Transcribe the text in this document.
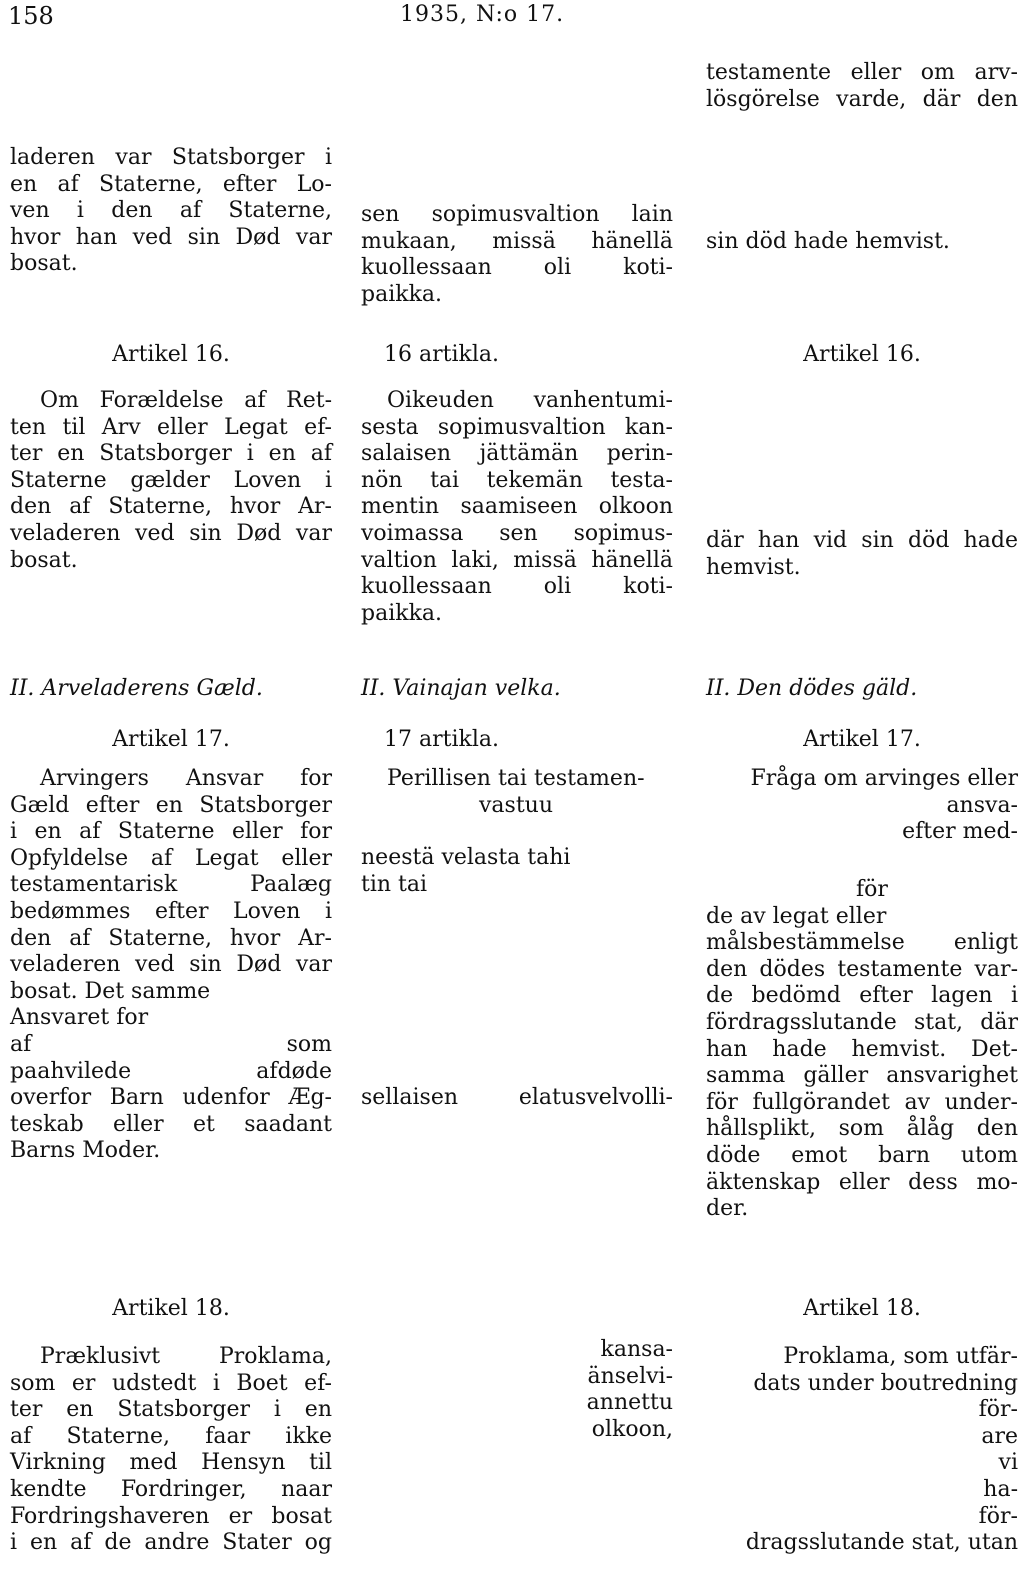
158	1935, N:o 17.
laderen var Statsborger i
en af Staterne, efter Lo-
ven i den af Staterne,
hvor han ved sin Død var
bosat.
Artikel 16.
Om Forældelse af Ret-
ten til Arv eller Legat ef-
ter en Statsborger i en af
Staterne gælder Loven i
den af Staterne, hvor Ar-
veladeren ved sin Død var
bosat.
II. Arveladerens Gæld.
Artikel 17.
Arvingers Ansvar for
Gæld efter en Statsborger
i en af Staterne eller for
Opfyldelse af Legat eller
testamentarisk Paalæg
bedømmes efter Loven i
den af Staterne, hvor Ar-
veladeren ved sin Død var
bosat. Det samme
Ansvaret for
af som
paahvilede afdøde
overfor Barn udenfor Æg-
teskab eller et saadant
Barns Moder.
Artikel 18.
Præklusivt Proklama,
som er udstedt i Boet ef-
ter en Statsborger i en
af Staterne, faar ikke
Virkning med Hensyn til
kendte Fordringer, naar
Fordringshaveren er bosat
i en af de andre Stater og
sen sopimusvaltion lain
mukaan, missä hänellä
kuollessaan oli koti-
paikka.
16 artikla.
Oikeuden vanhentumi-
sesta sopimusvaltion kan-
salaisen jättämän perin-
nön tai tekemän testa-
mentin saamiseen olkoon
voimassa sen sopimus-
valtion laki, missä hänellä
kuollessaan oli koti-
paikka.
II. Vainajan velka.
17 artikla.
Perillisen tai testamen-
vastuu
neestä velasta tahi
tin tai
sellaisen elatusvelvolli-
kansa-
änselvi-
annettu
olkoon,
testamente eller om arv-
lösgörelse varde, där den
sin död hade hemvist.
Artikel 16.
där han vid sin död hade
hemvist.
II. Den dödes gäld.
Artikel 17.
Fråga om arvinges eller
ansva-
efter med-
för
de av legat eller
målsbestämmelse enligt
den dödes testamente var-
de bedömd efter lagen i
fördragsslutande stat, där
han hade hemvist. Det-
samma gäller ansvarighet
för fullgörandet av under-
hållsplikt, som ålåg den
döde emot barn utom
äktenskap eller dess mo-
der.
Artikel 18.
Proklama, som utfär-
dats under boutredning
för-
are
vi
ha-
för-
dragsslutande stat, utan
